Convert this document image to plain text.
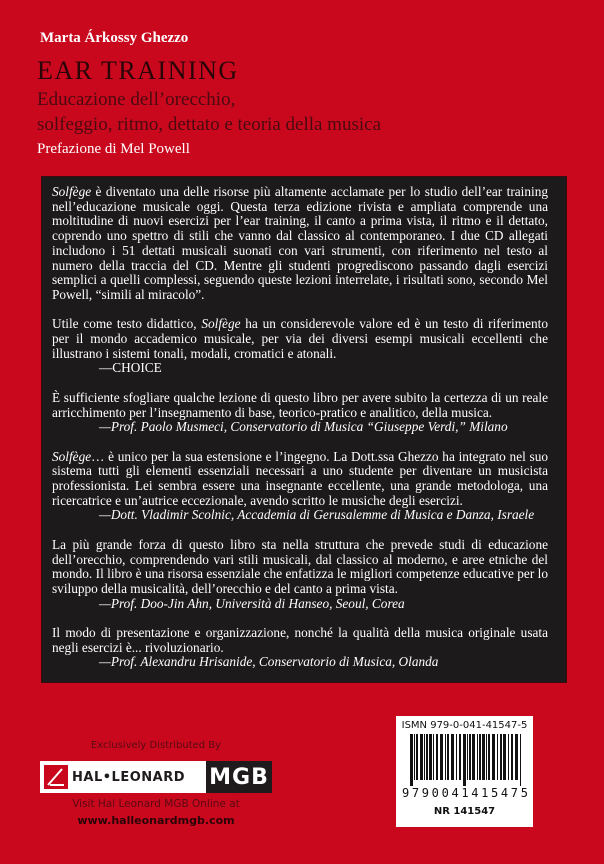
Marta Árkossy Ghezzo
EAR TRAINING
Educazione dell’orecchio,
solfeggio, ritmo, dettato e teoria della musica
Prefazione di Mel Powell

Solfège è diventato una delle risorse più altamente acclamate per lo studio dell’ear training nell’educazione musicale oggi. Questa terza edizione rivista e ampliata comprende una moltitudine di nuovi esercizi per l’ear training, il canto a prima vista, il ritmo e il dettato, coprendo uno spettro di stili che vanno dal classico al contemporaneo. I due CD allegati includono i 51 dettati musicali suonati con vari strumenti, con riferimento nel testo al numero della traccia del CD. Mentre gli studenti progrediscono passando dagli esercizi semplici a quelli complessi, seguendo queste lezioni interrelate, i risultati sono, secondo Mel Powell, “simili al miracolo”.

Utile come testo didattico, Solfège ha un considerevole valore ed è un testo di riferimento per il mondo accademico musicale, per via dei diversi esempi musicali eccellenti che illustrano i sistemi tonali, modali, cromatici e atonali.

—CHOICE

È sufficiente sfogliare qualche lezione di questo libro per avere subito la certezza di un reale arricchimento per l’insegnamento di base, teorico-pratico e analitico, della musica.

—Prof. Paolo Musmeci, Conservatorio di Musica “Giuseppe Verdi,” Milano

Solfège… è unico per la sua estensione e l’ingegno. La Dott.ssa Ghezzo ha integrato nel suo sistema tutti gli elementi essenziali necessari a uno studente per diventare un musicista professionista. Lei sembra essere una insegnante eccellente, una grande metodologa, una ricercatrice e un’autrice eccezionale, avendo scritto le musiche degli esercizi.

—Dott. Vladimir Scolnic, Accademia di Gerusalemme di Musica e Danza, Israele

La più grande forza di questo libro sta nella struttura che prevede studi di educazione dell’orecchio, comprendendo vari stili musicali, dal classico al moderno, e aree etniche del mondo. Il libro è una risorsa essenziale che enfatizza le migliori competenze educative per lo sviluppo della musicalità, dell’orecchio e del canto a prima vista.

—Prof. Doo-Jin Ahn, Università di Hanseo, Seoul, Corea

Il modo di presentazione e organizzazione, nonché la qualità della musica originale usata negli esercizi è... rivoluzionario.

—Prof. Alexandru Hrisanide, Conservatorio di Musica, Olanda
Exclusively Distributed By
HAL•LEONARD MGB
Visit Hal Leonard MGB Online at
www.halleonardmgb.com
ISMN 979-0-041-41547-5
9 7 9 0 0 4 1 4 1 5 4 7 5
NR 141547
